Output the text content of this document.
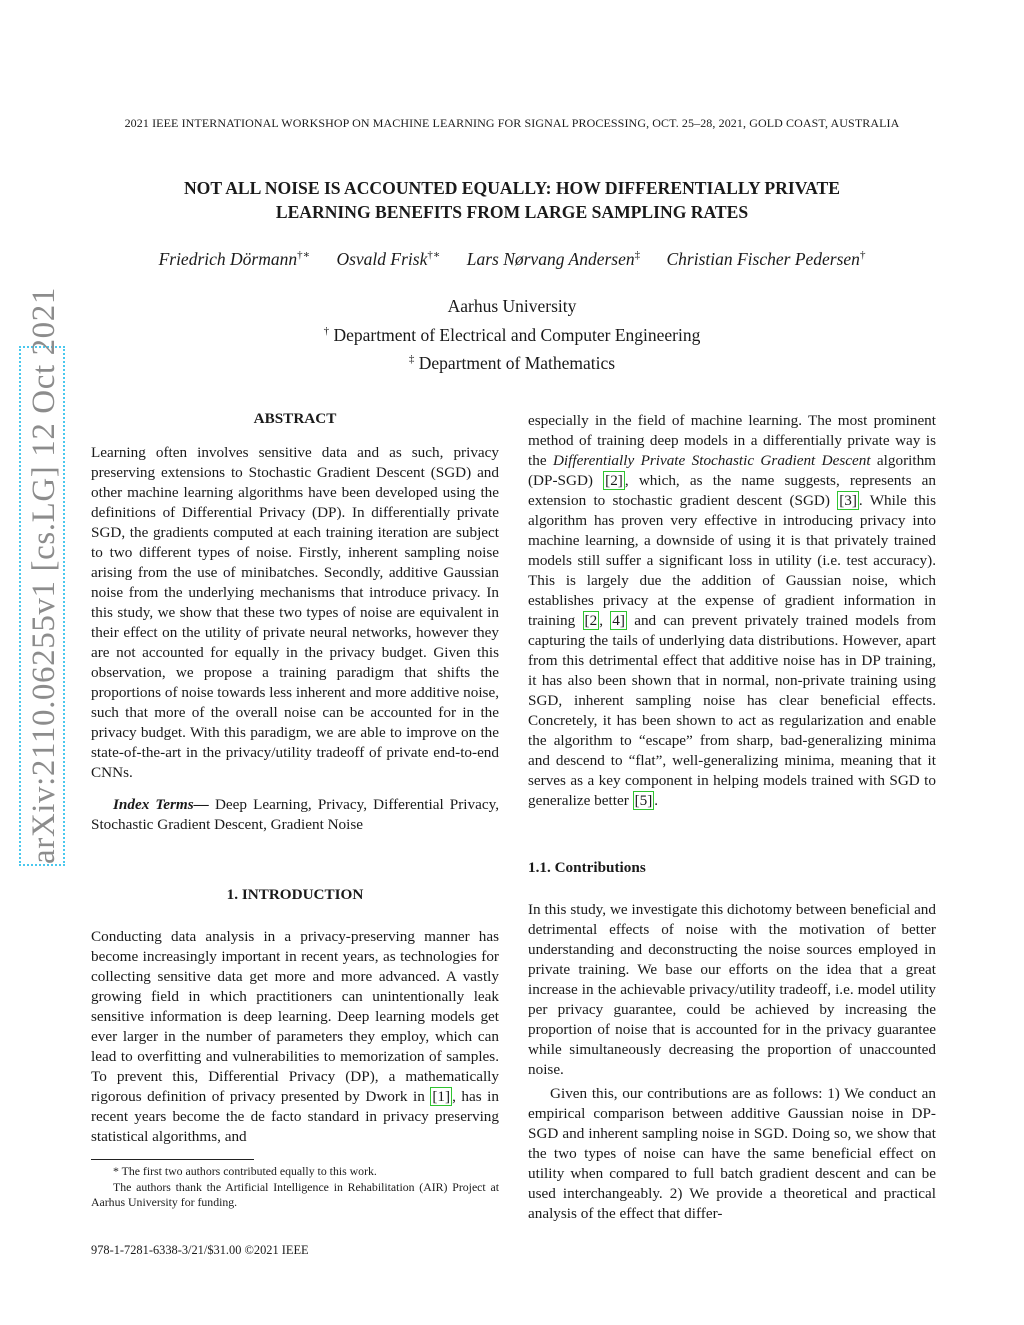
2021 IEEE INTERNATIONAL WORKSHOP ON MACHINE LEARNING FOR SIGNAL PROCESSING, OCT. 25–28, 2021, GOLD COAST, AUSTRALIA
NOT ALL NOISE IS ACCOUNTED EQUALLY: HOW DIFFERENTIALLY PRIVATE
LEARNING BENEFITS FROM LARGE SAMPLING RATES
Friedrich Dörmann†∗ Osvald Frisk†∗ Lars Nørvang Andersen‡ Christian Fischer Pedersen†
Aarhus University
† Department of Electrical and Computer Engineering
‡ Department of Mathematics
arXiv:2110.06255v1 [cs.LG] 12 Oct 2021	ABSTRACT

Learning often involves sensitive data and as such, privacy preserving extensions to Stochastic Gradient Descent (SGD) and other machine learning algorithms have been developed using the definitions of Differential Privacy (DP). In differentially private SGD, the gradients computed at each training iteration are subject to two different types of noise. Firstly, inherent sampling noise arising from the use of minibatches. Secondly, additive Gaussian noise from the underlying mechanisms that introduce privacy. In this study, we show that these two types of noise are equivalent in their effect on the utility of private neural networks, however they are not accounted for equally in the privacy budget. Given this observation, we propose a training paradigm that shifts the proportions of noise towards less inherent and more additive noise, such that more of the overall noise can be accounted for in the privacy budget. With this paradigm, we are able to improve on the state-of-the-art in the privacy/utility tradeoff of private end-to-end CNNs.

Index Terms— Deep Learning, Privacy, Differential Privacy, Stochastic Gradient Descent, Gradient Noise

1. INTRODUCTION

Conducting data analysis in a privacy-preserving manner has become increasingly important in recent years, as technologies for collecting sensitive data get more and more advanced. A vastly growing field in which practitioners can unintentionally leak sensitive information is deep learning. Deep learning models get ever larger in the number of parameters they employ, which can lead to overfitting and vulnerabilities to memorization of samples. To prevent this, Differential Privacy (DP), a mathematically rigorous definition of privacy presented by Dwork in [1] , has in recent years become the de facto standard in privacy preserving statistical algorithms, and

* The first two authors contributed equally to this work.

The authors thank the Artificial Intelligence in Rehabilitation (AIR) Project at Aarhus University for funding.

978-1-7281-6338-3/21/$31.00 ©2021 IEEE

especially in the field of machine learning. The most prominent method of training deep models in a differentially private way is the Differentially Private Stochastic Gradient Descent algorithm (DP-SGD) [2] , which, as the name suggests, represents an extension to stochastic gradient descent (SGD) [3] . While this algorithm has proven very effective in introducing privacy into machine learning, a downside of using it is that privately trained models still suffer a significant loss in utility (i.e. test accuracy). This is largely due the addition of Gaussian noise, which establishes privacy at the expense of gradient information in training [2 , 4] and can prevent privately trained models from capturing the tails of underlying data distributions. However, apart from this detrimental effect that additive noise has in DP training, it has also been shown that in normal, non-private training using SGD, inherent sampling noise has clear beneficial effects. Concretely, it has been shown to act as regularization and enable the algorithm to “escape” from sharp, bad-generalizing minima and descend to “flat”, well-generalizing minima, meaning that it serves as a key component in helping models trained with SGD to generalize better [5] .

1.1. Contributions

In this study, we investigate this dichotomy between beneficial and detrimental effects of noise with the motivation of better understanding and deconstructing the noise sources employed in private training. We base our efforts on the idea that a great increase in the achievable privacy/utility tradeoff, i.e. model utility per privacy guarantee, could be achieved by increasing the proportion of noise that is accounted for in the privacy guarantee while simultaneously decreasing the proportion of unaccounted noise.

Given this, our contributions are as follows: 1) We conduct an empirical comparison between additive Gaussian noise in DP-SGD and inherent sampling noise in SGD. Doing so, we show that the two types of noise can have the same beneficial effect on utility when compared to full batch gradient descent and can be used interchangeably. 2) We provide a theoretical and practical analysis of the effect that differ-
